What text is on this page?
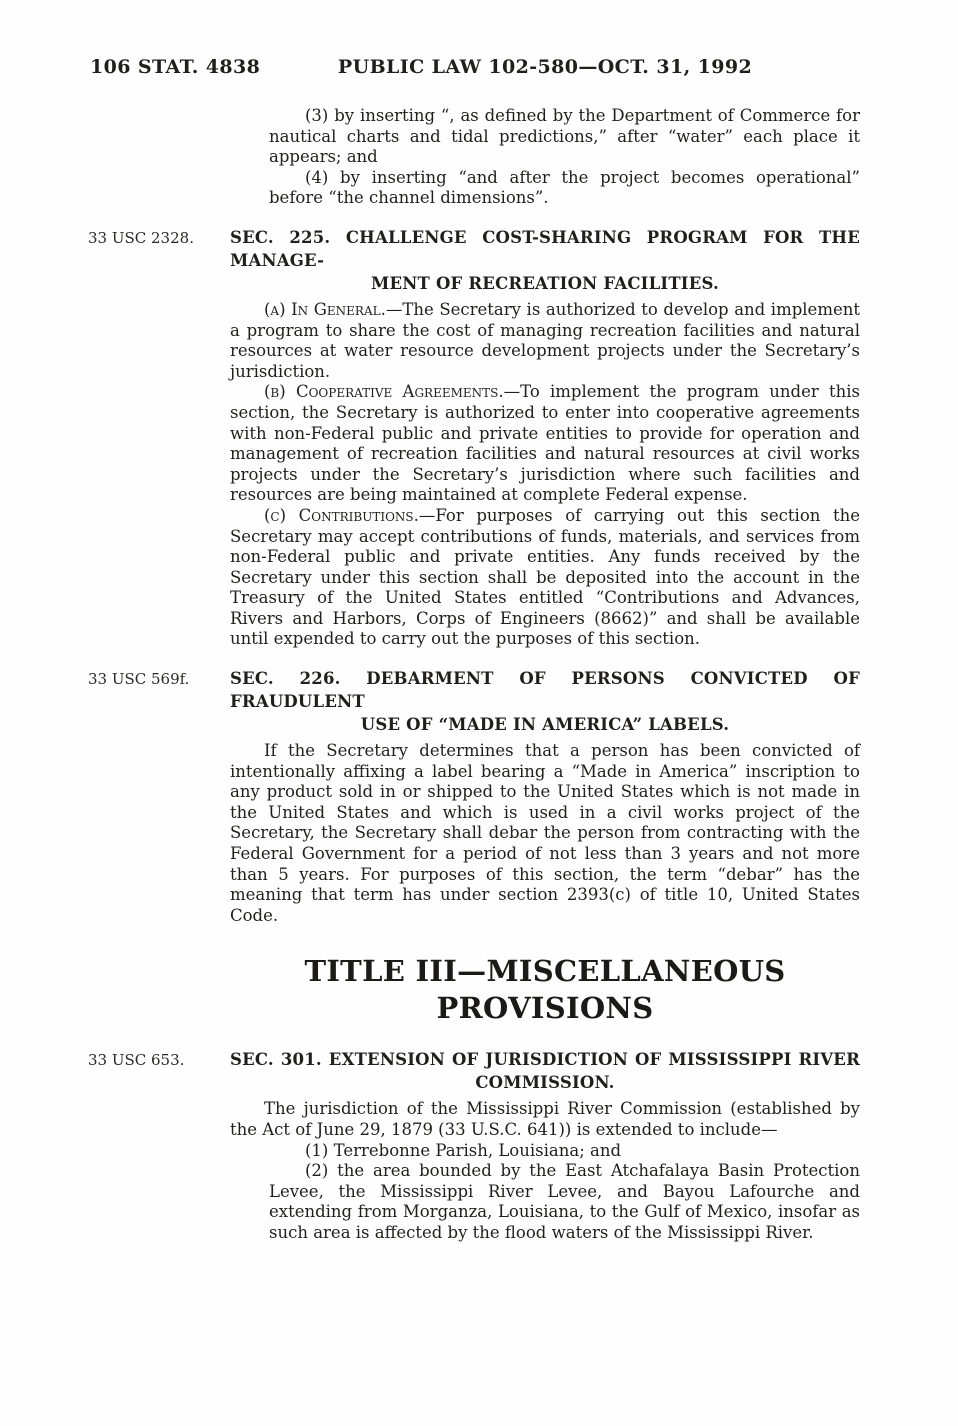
106 STAT. 4838	PUBLIC LAW 102-580—OCT. 31, 1992

(3) by inserting “, as defined by the Department of Commerce for nautical charts and tidal predictions,” after “water” each place it appears; and

(4) by inserting “and after the project becomes operational” before “the channel dimensions”.

33 USC 2328.	SEC. 225. CHALLENGE COST-SHARING PROGRAM FOR THE MANAGE-
MENT OF RECREATION FACILITIES.

(a) In General.—The Secretary is authorized to develop and implement a program to share the cost of managing recreation facilities and natural resources at water resource development projects under the Secretary’s jurisdiction.

(b) Cooperative Agreements.—To implement the program under this section, the Secretary is authorized to enter into cooperative agreements with non-Federal public and private entities to provide for operation and management of recreation facilities and natural resources at civil works projects under the Secretary’s jurisdiction where such facilities and resources are being maintained at complete Federal expense.

(c) Contributions.—For purposes of carrying out this section the Secretary may accept contributions of funds, materials, and services from non-Federal public and private entities. Any funds received by the Secretary under this section shall be deposited into the account in the Treasury of the United States entitled “Contributions and Advances, Rivers and Harbors, Corps of Engineers (8662)” and shall be available until expended to carry out the purposes of this section.

33 USC 569f.	SEC. 226. DEBARMENT OF PERSONS CONVICTED OF FRAUDULENT
USE OF “MADE IN AMERICA” LABELS.

If the Secretary determines that a person has been convicted of intentionally affixing a label bearing a “Made in America” inscription to any product sold in or shipped to the United States which is not made in the United States and which is used in a civil works project of the Secretary, the Secretary shall debar the person from contracting with the Federal Government for a period of not less than 3 years and not more than 5 years. For purposes of this section, the term “debar” has the meaning that term has under section 2393(c) of title 10, United States Code.

TITLE III—MISCELLANEOUS
PROVISIONS
33 USC 653.	SEC. 301. EXTENSION OF JURISDICTION OF MISSISSIPPI RIVER
COMMISSION.

The jurisdiction of the Mississippi River Commission (established by the Act of June 29, 1879 (33 U.S.C. 641)) is extended to include—

(1) Terrebonne Parish, Louisiana; and

(2) the area bounded by the East Atchafalaya Basin Protection Levee, the Mississippi River Levee, and Bayou Lafourche and extending from Morganza, Louisiana, to the Gulf of Mexico, insofar as such area is affected by the flood waters of the Mississippi River.
